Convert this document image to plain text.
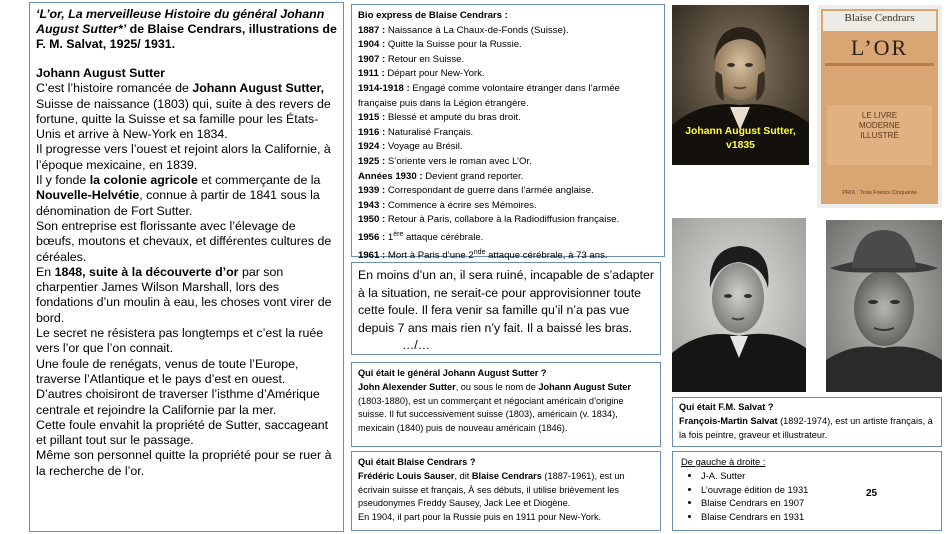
‘L’or, La merveilleuse Histoire du général Johann August Sutter*’ de Blaise Cendrars, illustrations de F. M. Salvat, 1925/ 1931.

Johann August Sutter

C’est l’histoire romancée de Johann August Sutter, Suisse de naissance (1803) qui, suite à des revers de fortune, quitte la Suisse et sa famille pour les États-Unis et arrive à New-York en 1834.

Il progresse vers l’ouest et rejoint alors la Californie, à l’époque mexicaine, en 1839.

Il y fonde la colonie agricole et commerçante de la Nouvelle-Helvétie, connue à partir de 1841 sous la dénomination de Fort Sutter.

Son entreprise est florissante avec l’élevage de bœufs, moutons et chevaux, et différentes cultures de céréales.

En 1848, suite à la découverte d’or par son charpentier James Wilson Marshall, lors des fondations d’un moulin à eau, les choses vont virer de bord.

Le secret ne résistera pas longtemps et c’est la ruée vers l’or que l’on connait.

Une foule de renégats, venus de toute l’Europe, traverse l’Atlantique et le pays d’est en ouest.

D’autres choisiront de traverser l’isthme d’Amérique centrale et rejoindre la Californie par la mer.

Cette foule envahit la propriété de Sutter, saccageant et pillant tout sur le passage.

Même son personnel quitte la propriété pour se ruer à la recherche de l’or.

Bio express de Blaise Cendrars :
1887 : Naissance à La Chaux-de-Fonds (Suisse).
1904 : Quitte la Suisse pour la Russie.
1907 : Retour en Suisse.
1911 : Départ pour New-York.
1914-1918 : Engagé comme volontaire étranger dans l’armée
française puis dans la Légion étrangère.
1915 : Blessé et amputé du bras droit.
1916 : Naturalisé Français.
1924 : Voyage au Brésil.
1925 : S’oriente vers le roman avec L’Or.
Années 1930 : Devient grand reporter.
1939 : Correspondant de guerre dans l’armée anglaise.
1943 : Commence à écrire ses Mémoires.
1950 : Retour à Paris, collabore à la Radiodiffusion française.
1956 : 1ère attaque cérébrale.
1961 : Mort à Paris d’une 2nde attaque cérébrale, à 73 ans.
En moins d’un an, il sera ruiné, incapable de s’adapter à la situation, ne serait-ce pour approvisionner toute cette foule. Il fera venir sa famille qu’il n’a pas vue depuis 7 ans mais rien n’y fait. Il a baissé les bras. …/…
Qui était le général Johann August Sutter ?
John Alexender Sutter, ou sous le nom de Johann August Suter (1803-1880), est un commerçant et négociant américain d’origine suisse. Il fut successivement suisse (1803), américain (v. 1834), mexicain (1840) puis de nouveau américain (1846).
Qui était Blaise Cendrars ?
Frédéric Louis Sauser, dit Blaise Cendrars (1887-1961), est un écrivain suisse et français, À ses débuts, il utilise brièvement les pseudonymes Freddy Sausey, Jack Lee et Diogène.
En 1904, il part pour la Russie puis en 1911 pour New-York.
Qui était F.M. Salvat ?
François-Martin Salvat (1892-1974), est un artiste français, à la fois peintre, graveur et illustrateur.
De gauche à droite :
• J-A. Sutter
• L’ouvrage édition de 1931
• Blaise Cendrars en 1907
• Blaise Cendrars en 1931
25
Johann August Sutter,
v1835
Blaise Cendrars
L’OR
LE LIVRE
MODERNE
ILLUSTRÉ
PRIX : Trois Francs Cinquante
